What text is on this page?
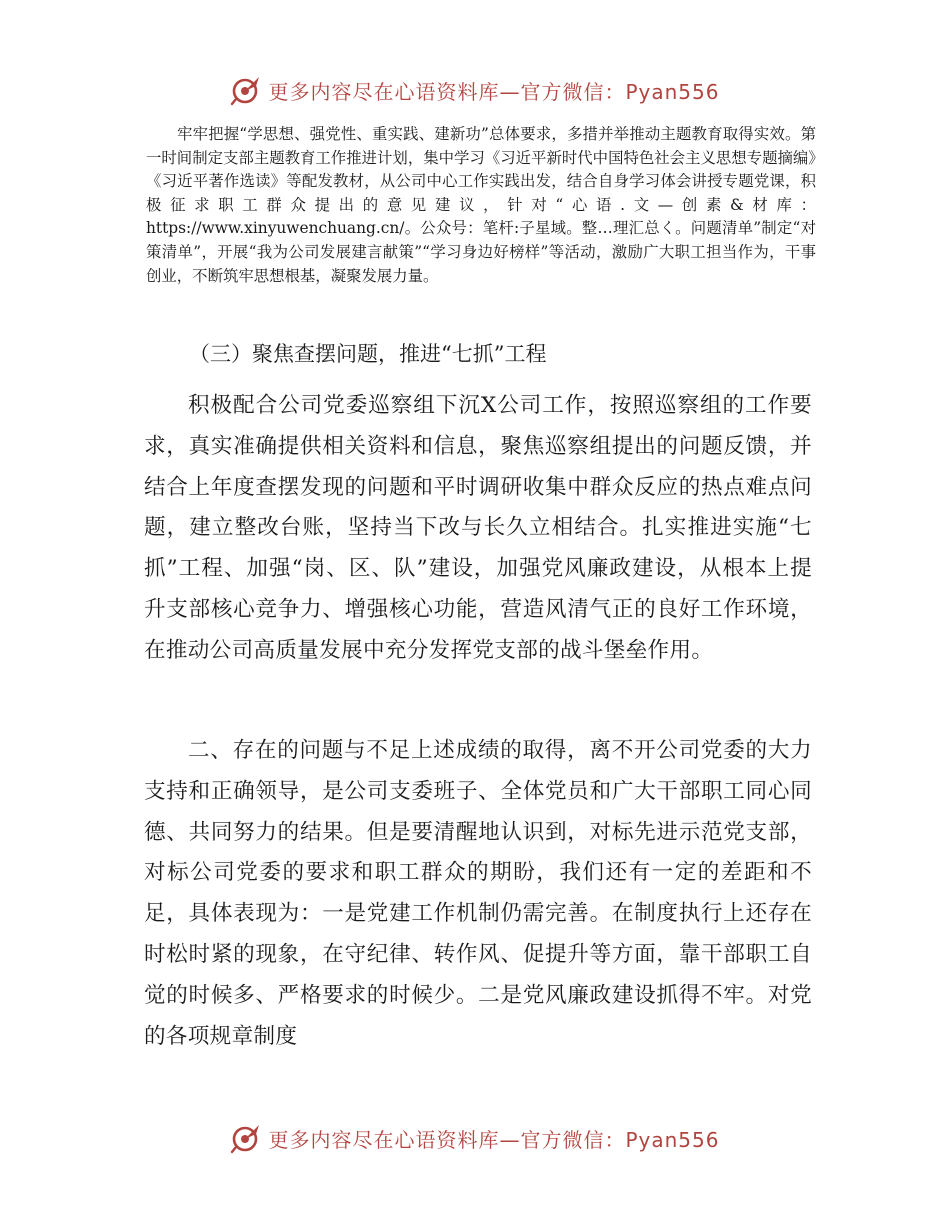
更多内容尽在心语资料库—官方微信：Pyan556

牢牢把握“学思想、强党性、重实践、建新功”总体要求，多措并举推动主题教育取得实效。第一时间制定支部主题教育工作推进计划，集中学习《习近平新时代中国特色社会主义思想专题摘编》《习近平著作选读》等配发教材，从公司中心工作实践出发，结合自身学习体会讲授专题党课，积极征求职工群众提出的意见建议，针对“心语.文—创素&材库：https://www.xinyuwenchuang.cn/。公众号：笔杆:子星域。整…理汇总く。问题清单”制定“对策清单”，开展“我为公司发展建言献策”“学习身边好榜样”等活动，激励广大职工担当作为，干事创业，不断筑牢思想根基，凝聚发展力量。

（三）聚焦查摆问题，推进“七抓”工程

积极配合公司党委巡察组下沉X公司工作，按照巡察组的工作要求，真实准确提供相关资料和信息，聚焦巡察组提出的问题反馈，并结合上年度查摆发现的问题和平时调研收集中群众反应的热点难点问题，建立整改台账，坚持当下改与长久立相结合。扎实推进实施“七抓”工程、加强“岗、区、队”建设，加强党风廉政建设，从根本上提升支部核心竞争力、增强核心功能，营造风清气正的良好工作环境，在推动公司高质量发展中充分发挥党支部的战斗堡垒作用。

二、存在的问题与不足上述成绩的取得，离不开公司党委的大力支持和正确领导，是公司支委班子、全体党员和广大干部职工同心同德、共同努力的结果。但是要清醒地认识到，对标先进示范党支部，对标公司党委的要求和职工群众的期盼，我们还有一定的差距和不足，具体表现为：一是党建工作机制仍需完善。在制度执行上还存在时松时紧的现象，在守纪律、转作风、促提升等方面，靠干部职工自觉的时候多、严格要求的时候少。二是党风廉政建设抓得不牢。对党的各项规章制度

更多内容尽在心语资料库—官方微信：Pyan556
